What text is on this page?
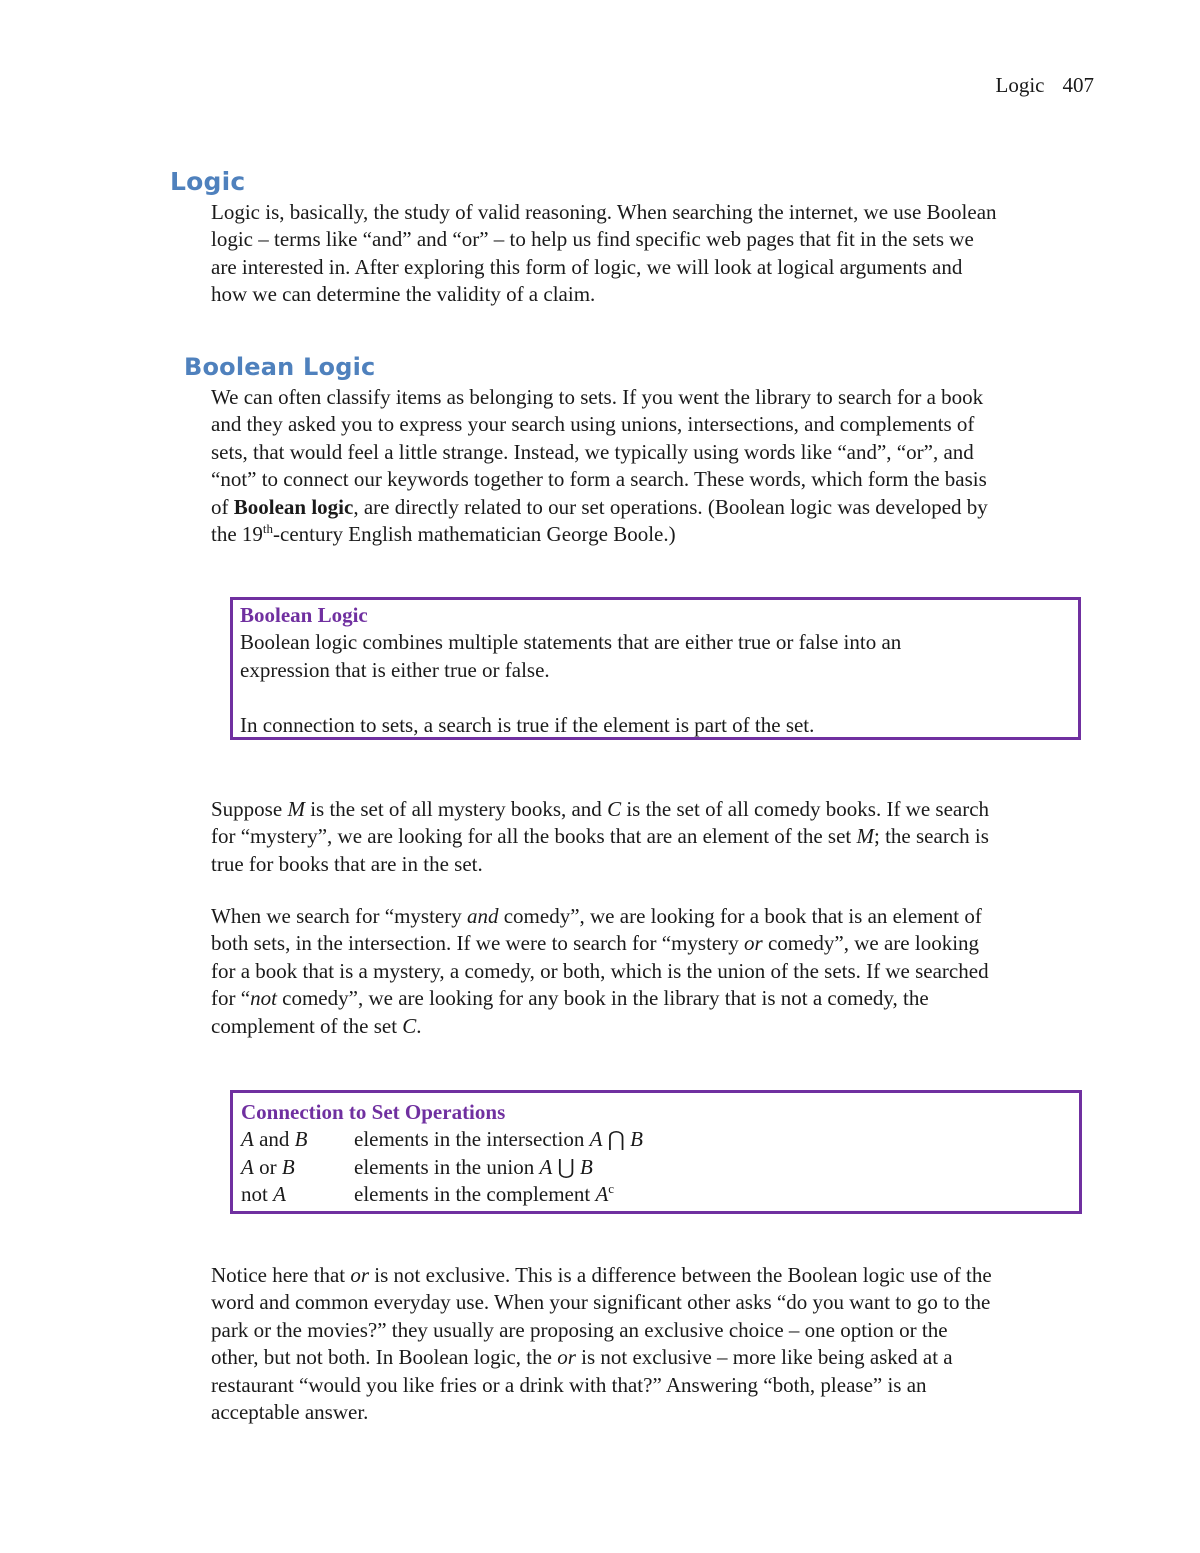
Logic 407
Logic
Logic is, basically, the study of valid reasoning. When searching the internet, we use Boolean
logic – terms like “and” and “or” – to help us find specific web pages that fit in the sets we
are interested in. After exploring this form of logic, we will look at logical arguments and
how we can determine the validity of a claim.
Boolean Logic
We can often classify items as belonging to sets. If you went the library to search for a book
and they asked you to express your search using unions, intersections, and complements of
sets, that would feel a little strange. Instead, we typically using words like “and”, “or”, and
“not” to connect our keywords together to form a search. These words, which form the basis
of Boolean logic, are directly related to our set operations. (Boolean logic was developed by
the 19th-century English mathematician George Boole.)
Boolean Logic
Boolean logic combines multiple statements that are either true or false into an
expression that is either true or false.
In connection to sets, a search is true if the element is part of the set.
Suppose M is the set of all mystery books, and C is the set of all comedy books. If we search
for “mystery”, we are looking for all the books that are an element of the set M; the search is
true for books that are in the set.
When we search for “mystery and comedy”, we are looking for a book that is an element of
both sets, in the intersection. If we were to search for “mystery or comedy”, we are looking
for a book that is a mystery, a comedy, or both, which is the union of the sets. If we searched
for “not comedy”, we are looking for any book in the library that is not a comedy, the
complement of the set C.
Connection to Set Operations
A and B	elements in the intersection A ⋂ B
A or B	elements in the union A ⋃ B
not A	elements in the complement $A^c$
Notice here that or is not exclusive. This is a difference between the Boolean logic use of the
word and common everyday use. When your significant other asks “do you want to go to the
park or the movies?” they usually are proposing an exclusive choice – one option or the
other, but not both. In Boolean logic, the or is not exclusive – more like being asked at a
restaurant “would you like fries or a drink with that?” Answering “both, please” is an
acceptable answer.
